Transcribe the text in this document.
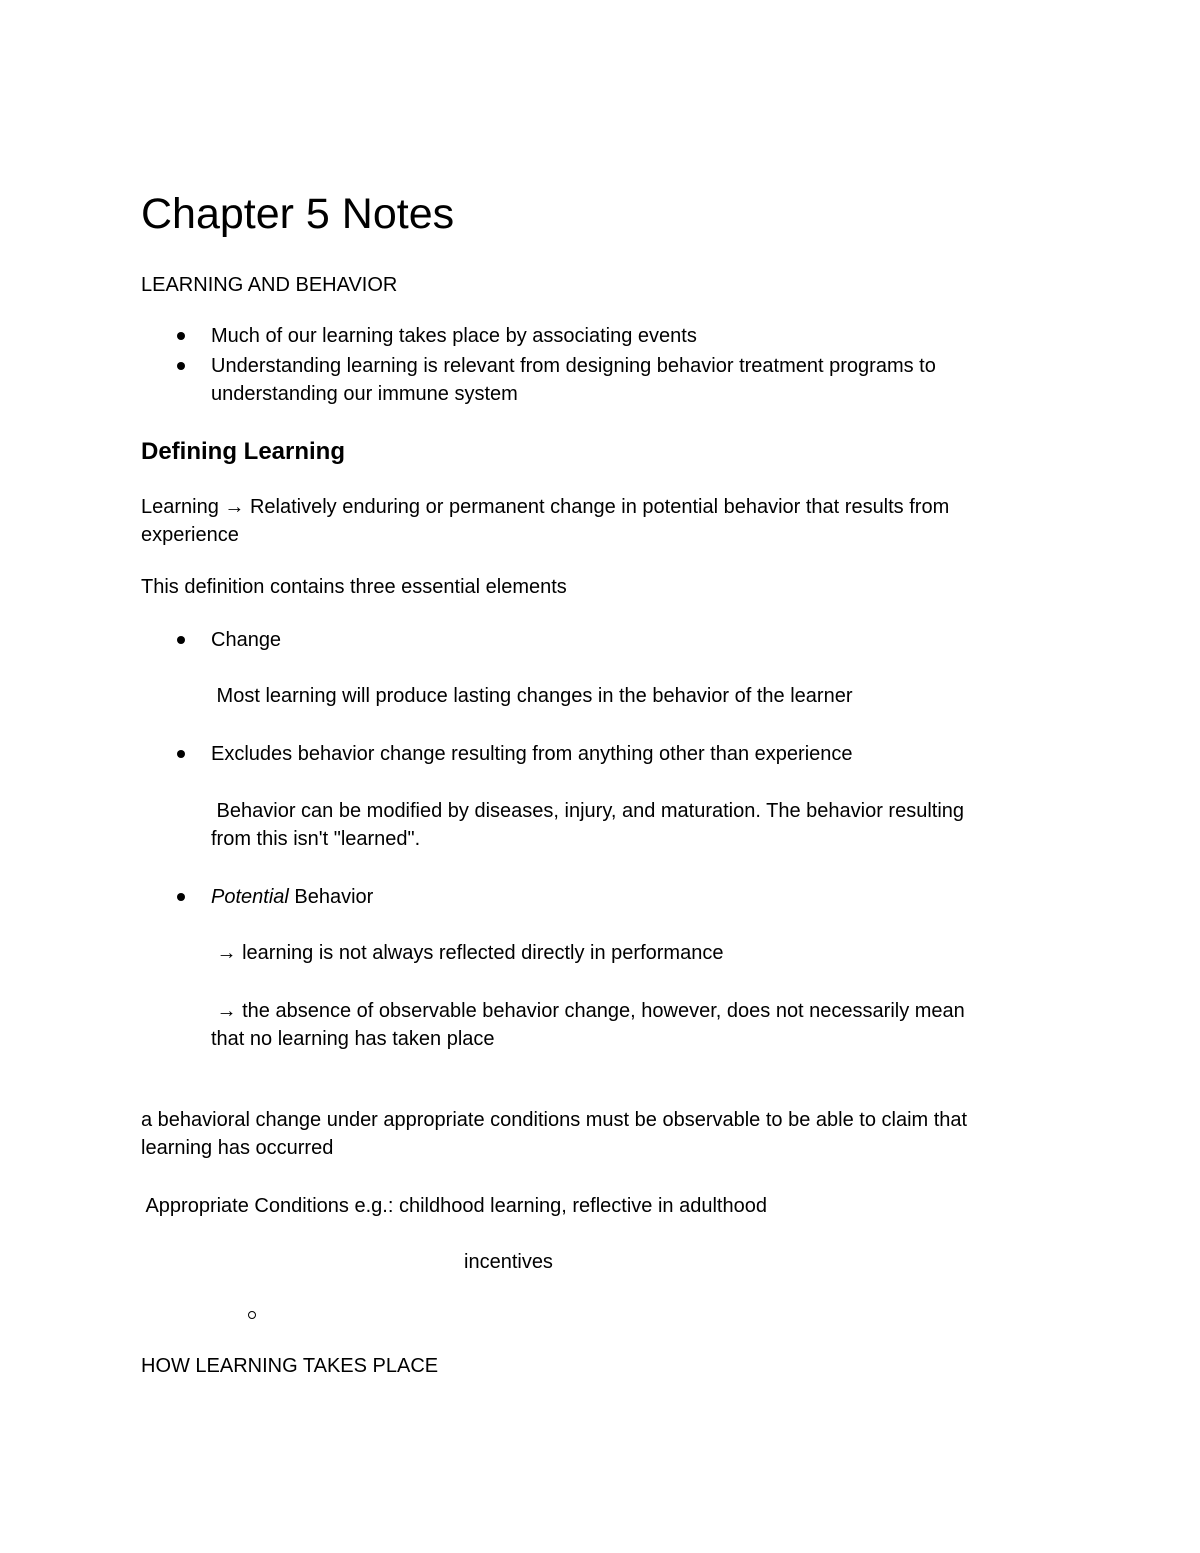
Chapter 5 Notes
LEARNING AND BEHAVIOR
Much of our learning takes place by associating events
Understanding learning is relevant from designing behavior treatment programs to
understanding our immune system
Defining Learning
Learning → Relatively enduring or permanent change in potential behavior that results from
experience
This definition contains three essential elements
Change
Most learning will produce lasting changes in the behavior of the learner
Excludes behavior change resulting from anything other than experience
Behavior can be modified by diseases, injury, and maturation. The behavior resulting
from this isn't "learned".
Potential Behavior
→ learning is not always reflected directly in performance
→ the absence of observable behavior change, however, does not necessarily mean
that no learning has taken place
a behavioral change under appropriate conditions must be observable to be able to claim that
learning has occurred
Appropriate Conditions e.g.: childhood learning, reflective in adulthood
incentives
HOW LEARNING TAKES PLACE
